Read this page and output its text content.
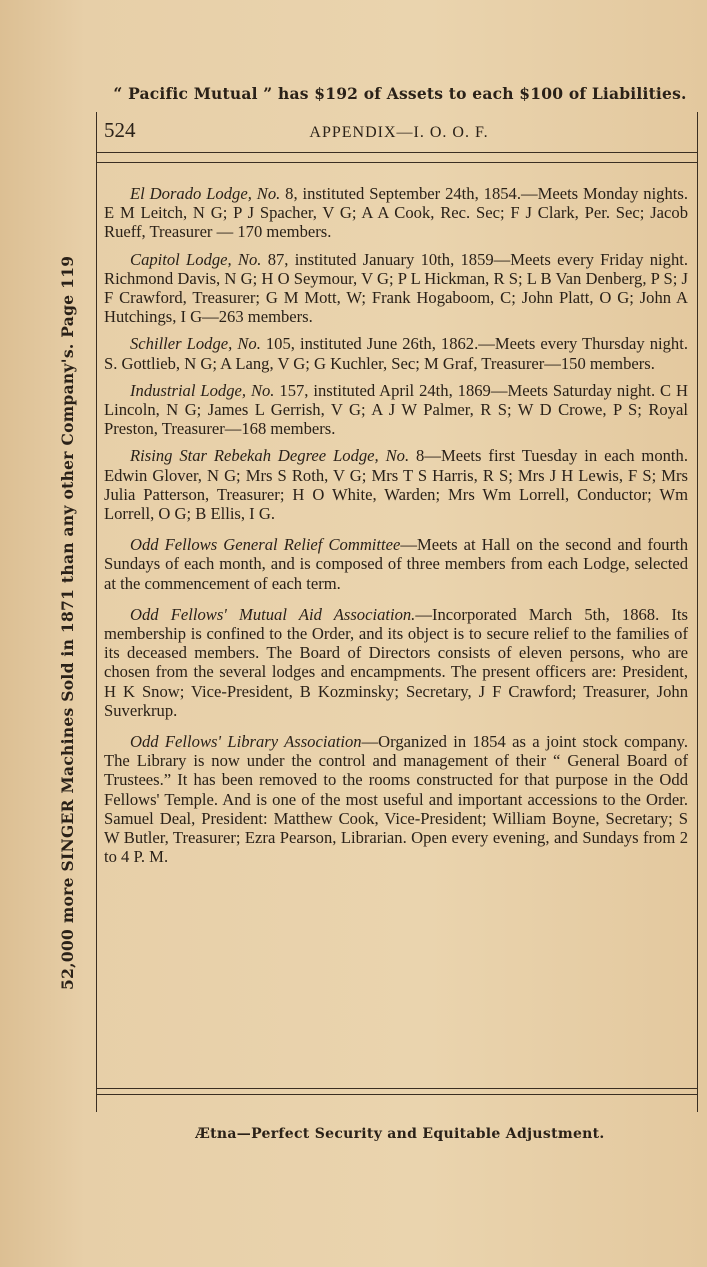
“ Pacific Mutual ” has $192 of Assets to each $100 of Liabilities.
52,000 more SINGER Machines Sold in 1871 than any other Company's. Page 119
524	APPENDIX—I. O. O. F.

El Dorado Lodge, No. 8, instituted September 24th, 1854.—Meets Monday nights. E M Leitch, N G; P J Spacher, V G; A A Cook, Rec. Sec; F J Clark, Per. Sec; Jacob Rueff, Treasurer — 170 members.

Capitol Lodge, No. 87, instituted January 10th, 1859—Meets every Friday night. Richmond Davis, N G; H O Seymour, V G; P L Hickman, R S; L B Van Denberg, P S; J F Crawford, Treasurer; G M Mott, W; Frank Hogaboom, C; John Platt, O G; John A Hutchings, I G—263 members.

Schiller Lodge, No. 105, instituted June 26th, 1862.—Meets every Thursday night. S. Gottlieb, N G; A Lang, V G; G Kuchler, Sec; M Graf, Treasurer—150 members.

Industrial Lodge, No. 157, instituted April 24th, 1869—Meets Saturday night. C H Lincoln, N G; James L Gerrish, V G; A J W Palmer, R S; W D Crowe, P S; Royal Preston, Treasurer—168 members.

Rising Star Rebekah Degree Lodge, No. 8—Meets first Tuesday in each month. Edwin Glover, N G; Mrs S Roth, V G; Mrs T S Harris, R S; Mrs J H Lewis, F S; Mrs Julia Patterson, Treasurer; H O White, Warden; Mrs Wm Lorrell, Conductor; Wm Lorrell, O G; B Ellis, I G.

Odd Fellows General Relief Committee—Meets at Hall on the second and fourth Sundays of each month, and is composed of three members from each Lodge, selected at the commencement of each term.

Odd Fellows' Mutual Aid Association.—Incorporated March 5th, 1868. Its membership is confined to the Order, and its object is to secure relief to the families of its deceased members. The Board of Directors consists of eleven persons, who are chosen from the several lodges and encampments. The present officers are: President, H K Snow; Vice-President, B Kozminsky; Secretary, J F Crawford; Treasurer, John Suverkrup.

Odd Fellows' Library Association—Organized in 1854 as a joint stock company. The Library is now under the control and management of their “ General Board of Trustees.” It has been removed to the rooms constructed for that purpose in the Odd Fellows' Temple. And is one of the most useful and important accessions to the Order. Samuel Deal, President: Matthew Cook, Vice-President; William Boyne, Secretary; S W Butler, Treasurer; Ezra Pearson, Librarian. Open every evening, and Sundays from 2 to 4 P. M.

Ætna—Perfect Security and Equitable Adjustment.
